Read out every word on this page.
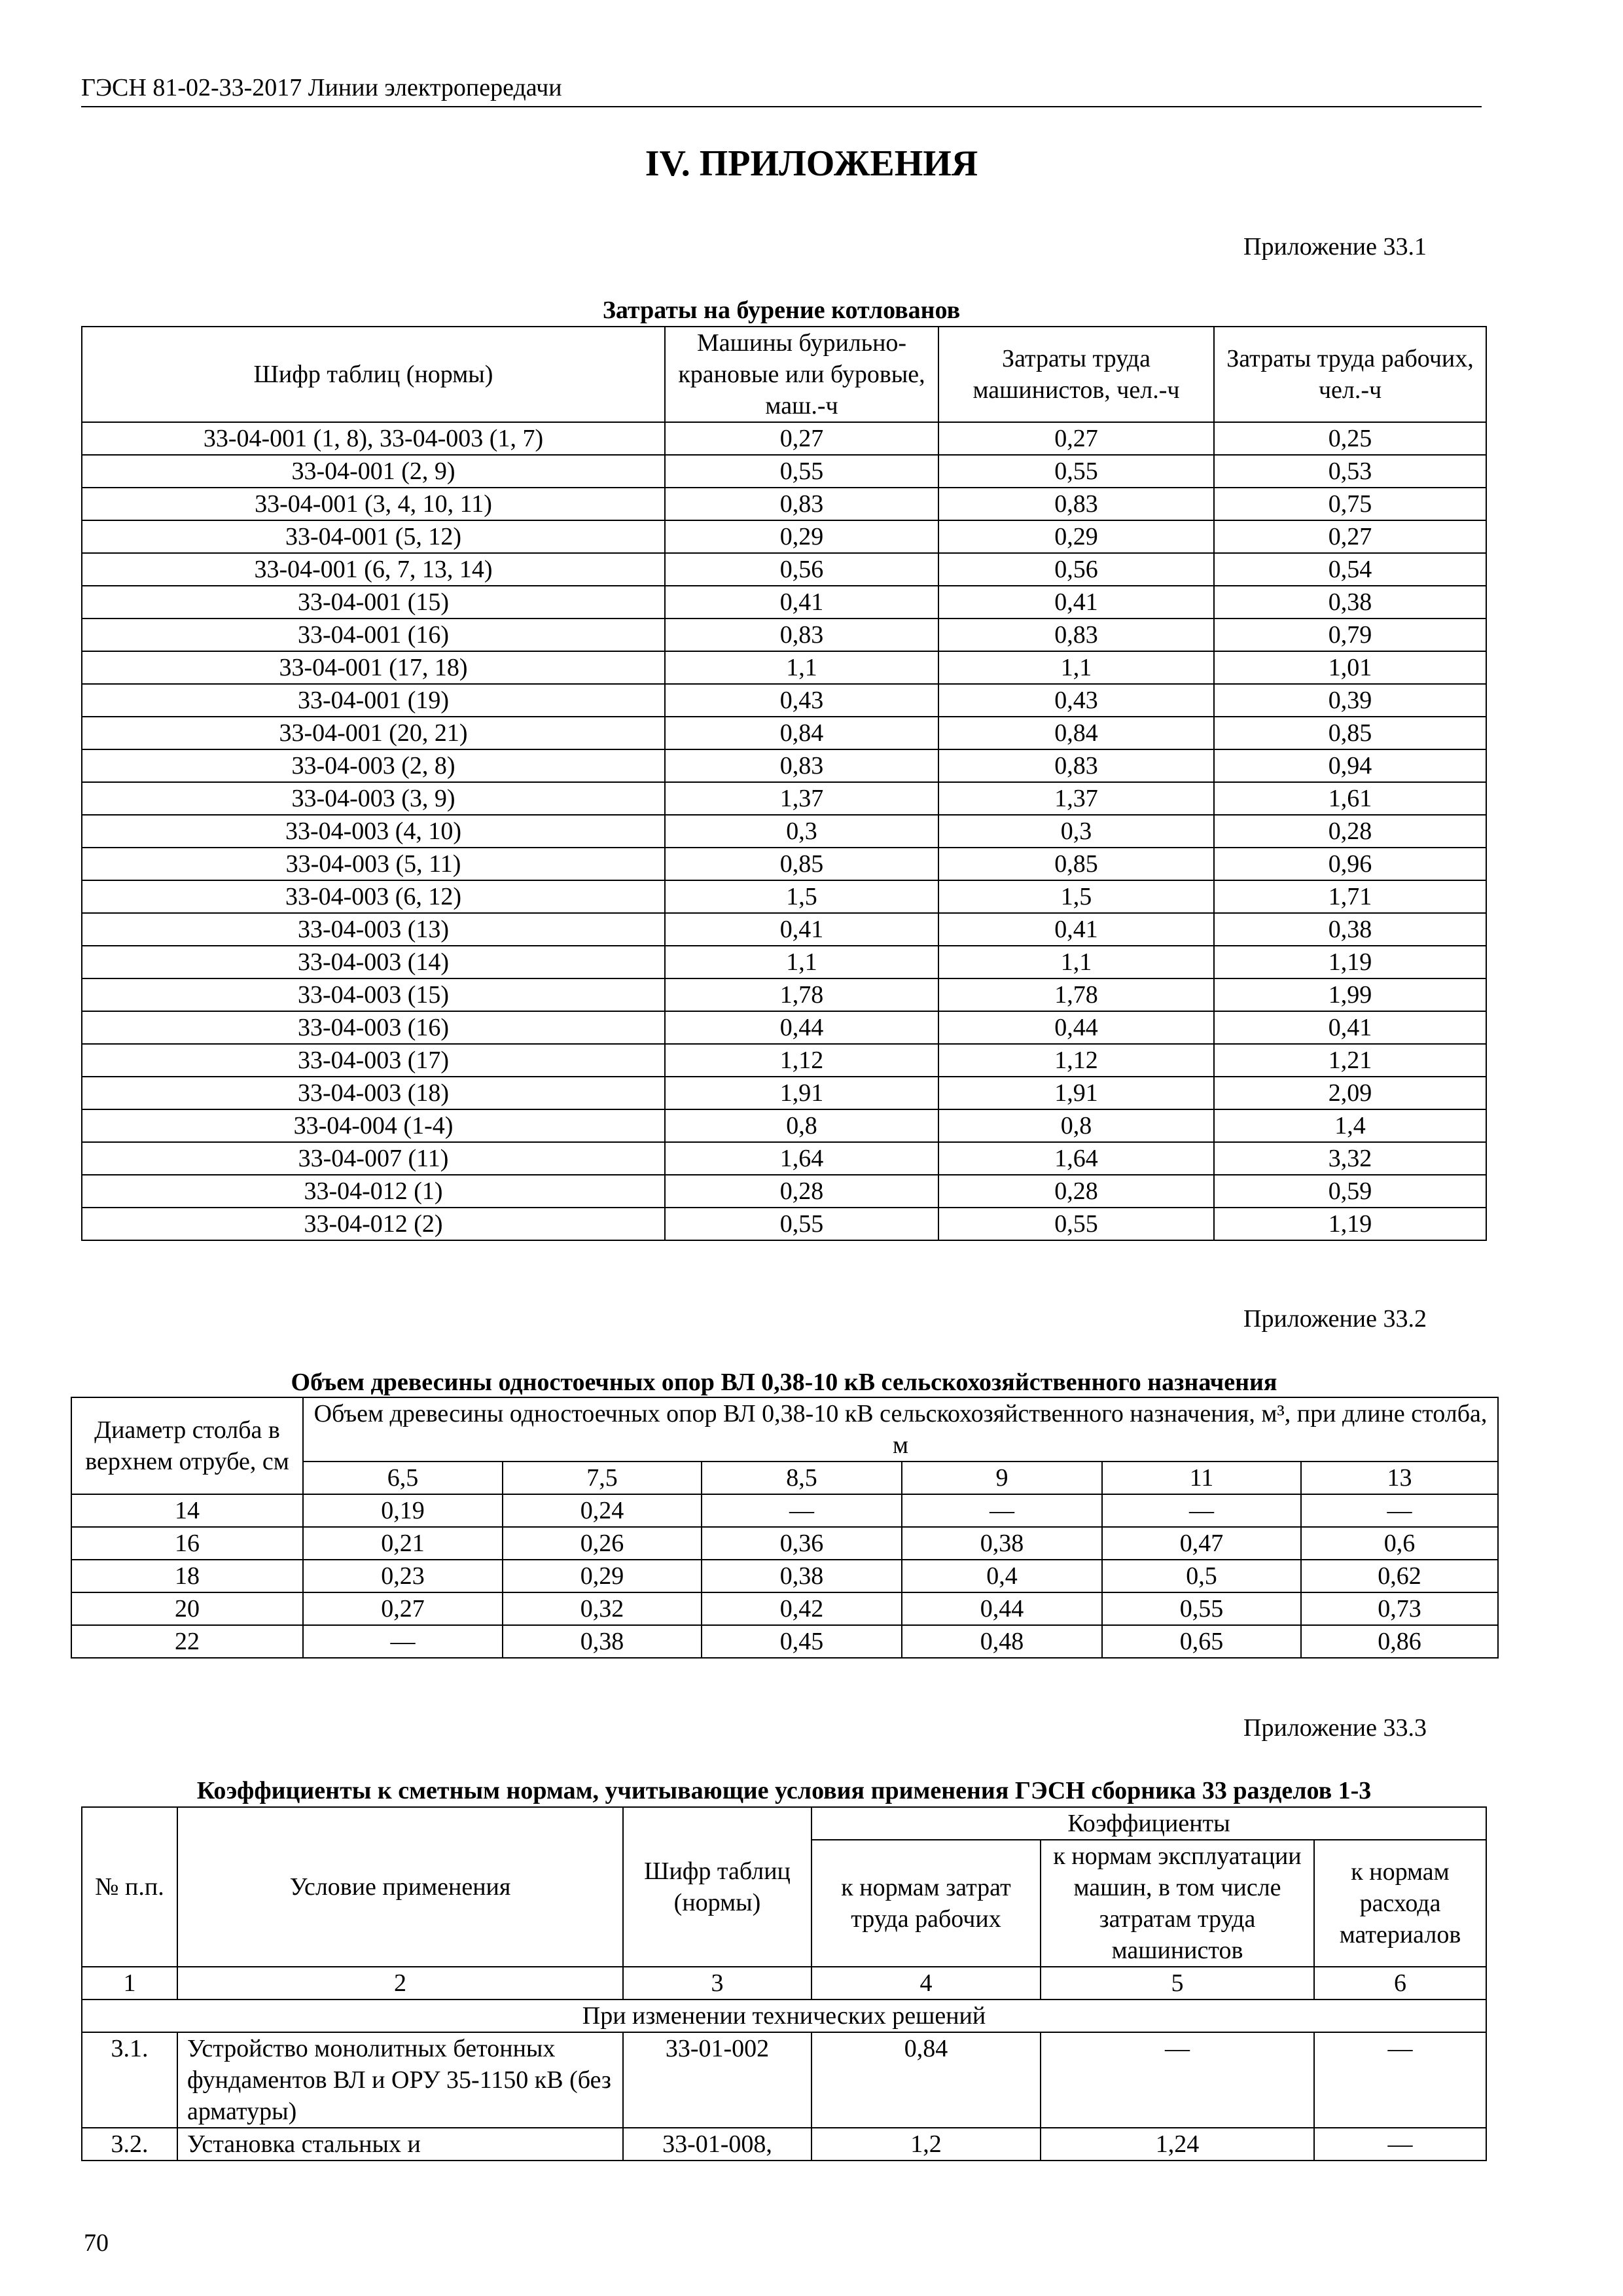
ГЭСН 81-02-33-2017 Линии электропередачи
IV. ПРИЛОЖЕНИЯ
Приложение 33.1
Затраты на бурение котлованов
Шифр таблиц (нормы)	Машины бурильно-крановые или буровые, маш.-ч	Затраты труда машинистов, чел.-ч	Затраты труда рабочих, чел.-ч
33-04-001 (1, 8), 33-04-003 (1, 7)	0,27	0,27	0,25
33-04-001 (2, 9)	0,55	0,55	0,53
33-04-001 (3, 4, 10, 11)	0,83	0,83	0,75
33-04-001 (5, 12)	0,29	0,29	0,27
33-04-001 (6, 7, 13, 14)	0,56	0,56	0,54
33-04-001 (15)	0,41	0,41	0,38
33-04-001 (16)	0,83	0,83	0,79
33-04-001 (17, 18)	1,1	1,1	1,01
33-04-001 (19)	0,43	0,43	0,39
33-04-001 (20, 21)	0,84	0,84	0,85
33-04-003 (2, 8)	0,83	0,83	0,94
33-04-003 (3, 9)	1,37	1,37	1,61
33-04-003 (4, 10)	0,3	0,3	0,28
33-04-003 (5, 11)	0,85	0,85	0,96
33-04-003 (6, 12)	1,5	1,5	1,71
33-04-003 (13)	0,41	0,41	0,38
33-04-003 (14)	1,1	1,1	1,19
33-04-003 (15)	1,78	1,78	1,99
33-04-003 (16)	0,44	0,44	0,41
33-04-003 (17)	1,12	1,12	1,21
33-04-003 (18)	1,91	1,91	2,09
33-04-004 (1-4)	0,8	0,8	1,4
33-04-007 (11)	1,64	1,64	3,32
33-04-012 (1)	0,28	0,28	0,59
33-04-012 (2)	0,55	0,55	1,19
Приложение 33.2
Объем древесины одностоечных опор ВЛ 0,38-10 кВ сельскохозяйственного назначения
Диаметр столба в верхнем отрубе, см	Объем древесины одностоечных опор ВЛ 0,38-10 кВ сельскохозяйственного назначения, м³, при длине столба, м					
	6,5	7,5	8,5	9	11	13
14	0,19	0,24	—	—	—	—
16	0,21	0,26	0,36	0,38	0,47	0,6
18	0,23	0,29	0,38	0,4	0,5	0,62
20	0,27	0,32	0,42	0,44	0,55	0,73
22	—	0,38	0,45	0,48	0,65	0,86
Приложение 33.3
Коэффициенты к сметным нормам, учитывающие условия применения ГЭСН сборника 33 разделов 1-3
№ п.п.	Условие применения	Шифр таблиц (нормы)	Коэффициенты		
			к нормам затрат труда рабочих	к нормам эксплуатации машин, в том числе затратам труда машинистов	к нормам расхода материалов
1	2	3	4	5	6
При изменении технических решений					
3.1.	Устройство монолитных бетонных фундаментов ВЛ и ОРУ 35-1150 кВ (без арматуры)	33-01-002	0,84	—	—
3.2.	Установка стальных и	33-01-008,	1,2	1,24	—
70
